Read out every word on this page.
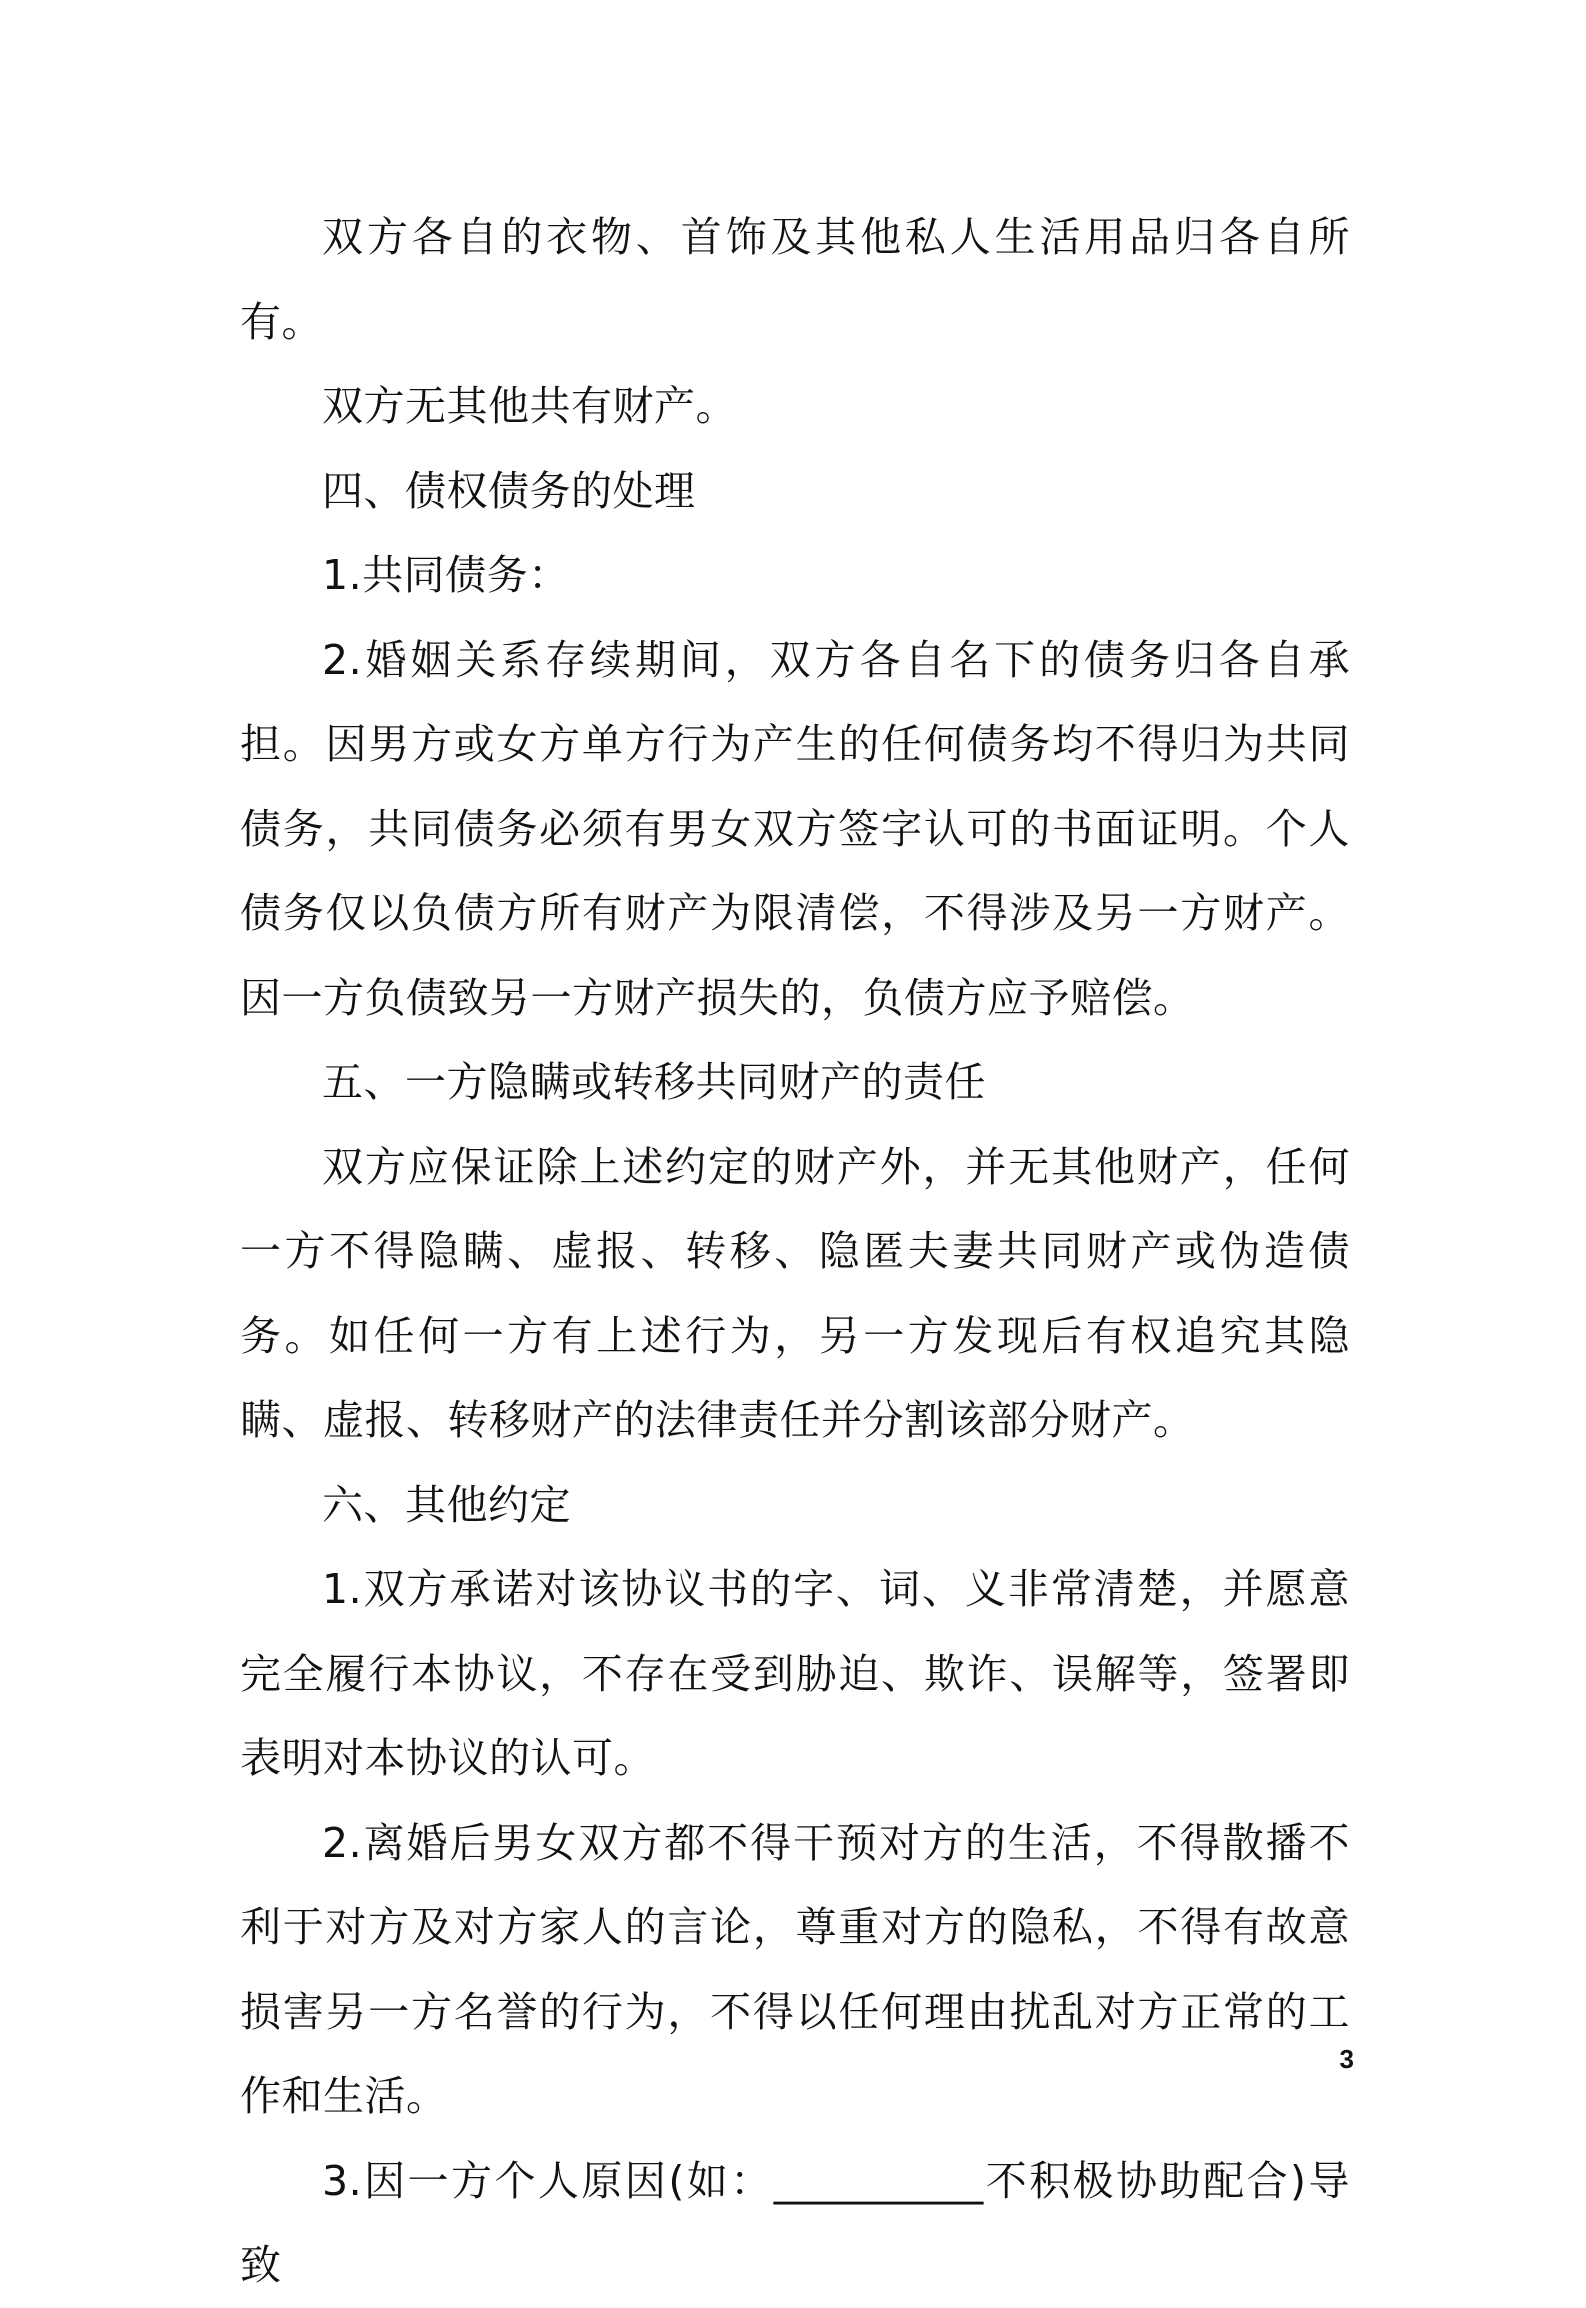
双方各自的衣物、首饰及其他私人生活用品归各自所有。

双方无其他共有财产。

四、债权债务的处理

1.共同债务：

2.婚姻关系存续期间，双方各自名下的债务归各自承担。因男方或女方单方行为产生的任何债务均不得归为共同债务，共同债务必须有男女双方签字认可的书面证明。个人债务仅以负债方所有财产为限清偿，不得涉及另一方财产。因一方负债致另一方财产损失的，负债方应予赔偿。

五、一方隐瞒或转移共同财产的责任

双方应保证除上述约定的财产外，并无其他财产，任何一方不得隐瞒、虚报、转移、隐匿夫妻共同财产或伪造债务。如任何一方有上述行为，另一方发现后有权追究其隐瞒、虚报、转移财产的法律责任并分割该部分财产。

六、其他约定

1.双方承诺对该协议书的字、词、义非常清楚，并愿意完全履行本协议，不存在受到胁迫、欺诈、误解等，签署即表明对本协议的认可。

2.离婚后男女双方都不得干预对方的生活，不得散播不利于对方及对方家人的言论，尊重对方的隐私，不得有故意损害另一方名誉的行为，不得以任何理由扰乱对方正常的工作和生活。

3.因一方个人原因(如：__________不积极协助配合)导致

3
